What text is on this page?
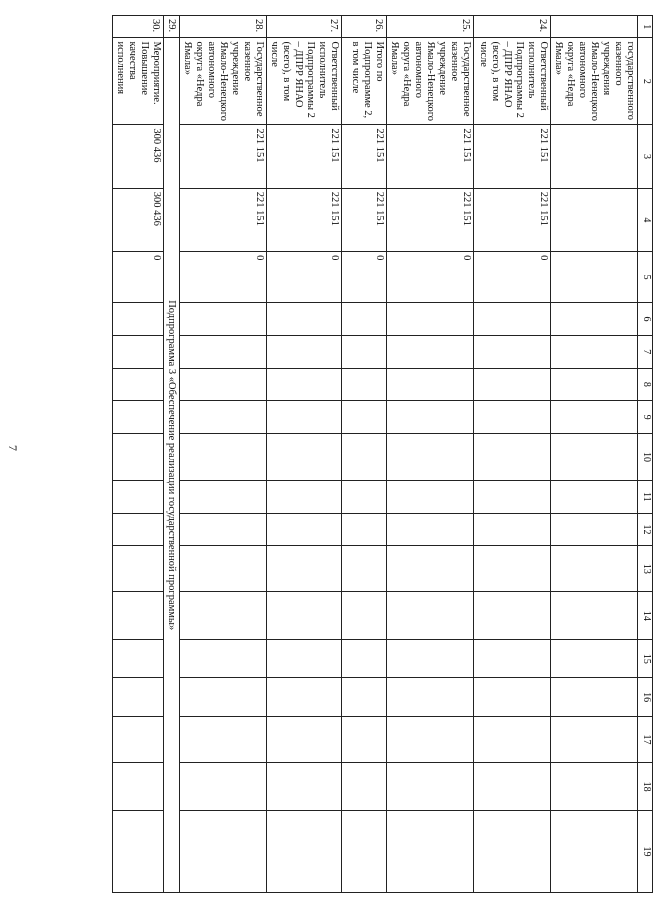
7
1	2	3	4	5	6	7	8	9	10	11	12	13	14	15	16	17	18	19
	государственного казенного учреждения Ямало-Ненецкого автономного округа «Недра Ямала»																	
24.	Ответственный исполнитель Подпрограммы 2 – ДПРР ЯНАО (всего), в том числе	221 151	221 151	0														
25.	Государственное казенное учреждение Ямало-Ненецкого автономного округа «Недра Ямала»	221 151	221 151	0														
26.	Итого по Подпрограмме 2, в том числе	221 151	221 151	0														
27.	Ответственный исполнитель Подпрограммы 2 – ДПРР ЯНАО (всего), в том числе	221 151	221 151	0														
28.	Государственное казенное учреждение Ямало-Ненецкого автономного округа «Недра Ямала»	221 151	221 151	0														
29.	Подпрограмма 3 «Обеспечение реализации государственной программы»																	
30.	Мероприятие. Повышение качества исполнения	300 436	300 436	0														
